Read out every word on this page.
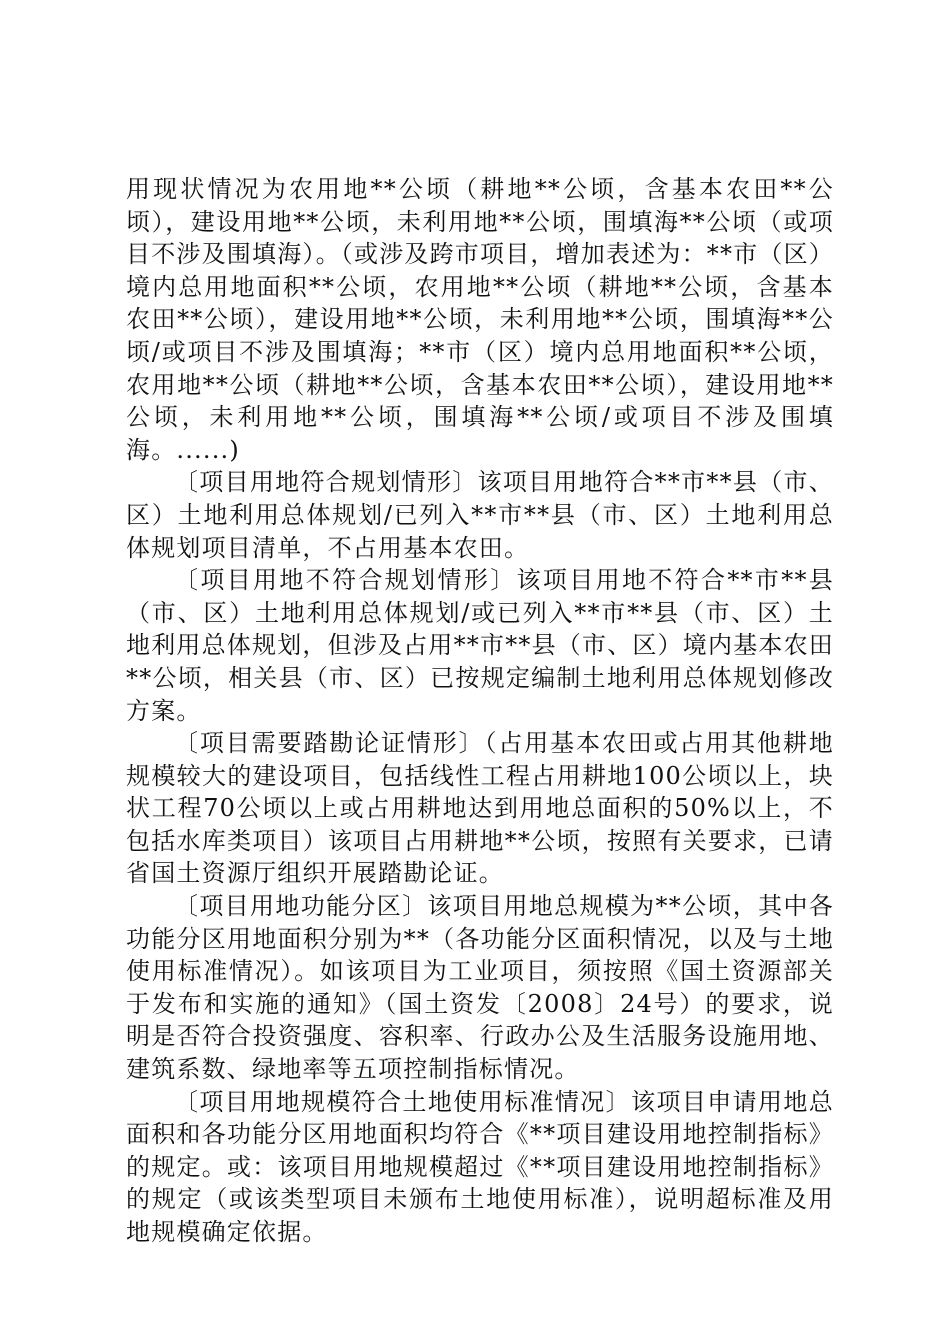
用现状情况为农用地**公顷（耕地**公顷，含基本农田**公顷），建设用地**公顷，未利用地**公顷，围填海**公顷（或项目不涉及围填海）。（或涉及跨市项目，增加表述为：**市（区）境内总用地面积**公顷，农用地**公顷（耕地**公顷，含基本农田**公顷），建设用地**公顷，未利用地**公顷，围填海**公顷/或项目不涉及围填海；**市（区）境内总用地面积**公顷，农用地**公顷（耕地**公顷，含基本农田**公顷），建设用地**公顷，未利用地**公顷，围填海**公顷/或项目不涉及围填海。......)

〔项目用地符合规划情形〕该项目用地符合**市**县（市、区）土地利用总体规划/已列入**市**县（市、区）土地利用总体规划项目清单，不占用基本农田。

〔项目用地不符合规划情形〕该项目用地不符合**市**县（市、区）土地利用总体规划/或已列入**市**县（市、区）土地利用总体规划，但涉及占用**市**县（市、区）境内基本农田**公顷，相关县（市、区）已按规定编制土地利用总体规划修改方案。

〔项目需要踏勘论证情形〕（占用基本农田或占用其他耕地规模较大的建设项目，包括线性工程占用耕地100公顷以上，块状工程70公顷以上或占用耕地达到用地总面积的50%以上，不包括水库类项目）该项目占用耕地**公顷，按照有关要求，已请省国土资源厅组织开展踏勘论证。

〔项目用地功能分区〕该项目用地总规模为**公顷，其中各功能分区用地面积分别为**（各功能分区面积情况，以及与土地使用标准情况）。如该项目为工业项目，须按照《国土资源部关于发布和实施的通知》（国土资发〔2008〕24号）的要求，说明是否符合投资强度、容积率、行政办公及生活服务设施用地、建筑系数、绿地率等五项控制指标情况。

〔项目用地规模符合土地使用标准情况〕该项目申请用地总面积和各功能分区用地面积均符合《**项目建设用地控制指标》的规定。或：该项目用地规模超过《**项目建设用地控制指标》的规定（或该类型项目未颁布土地使用标准），说明超标准及用地规模确定依据。
